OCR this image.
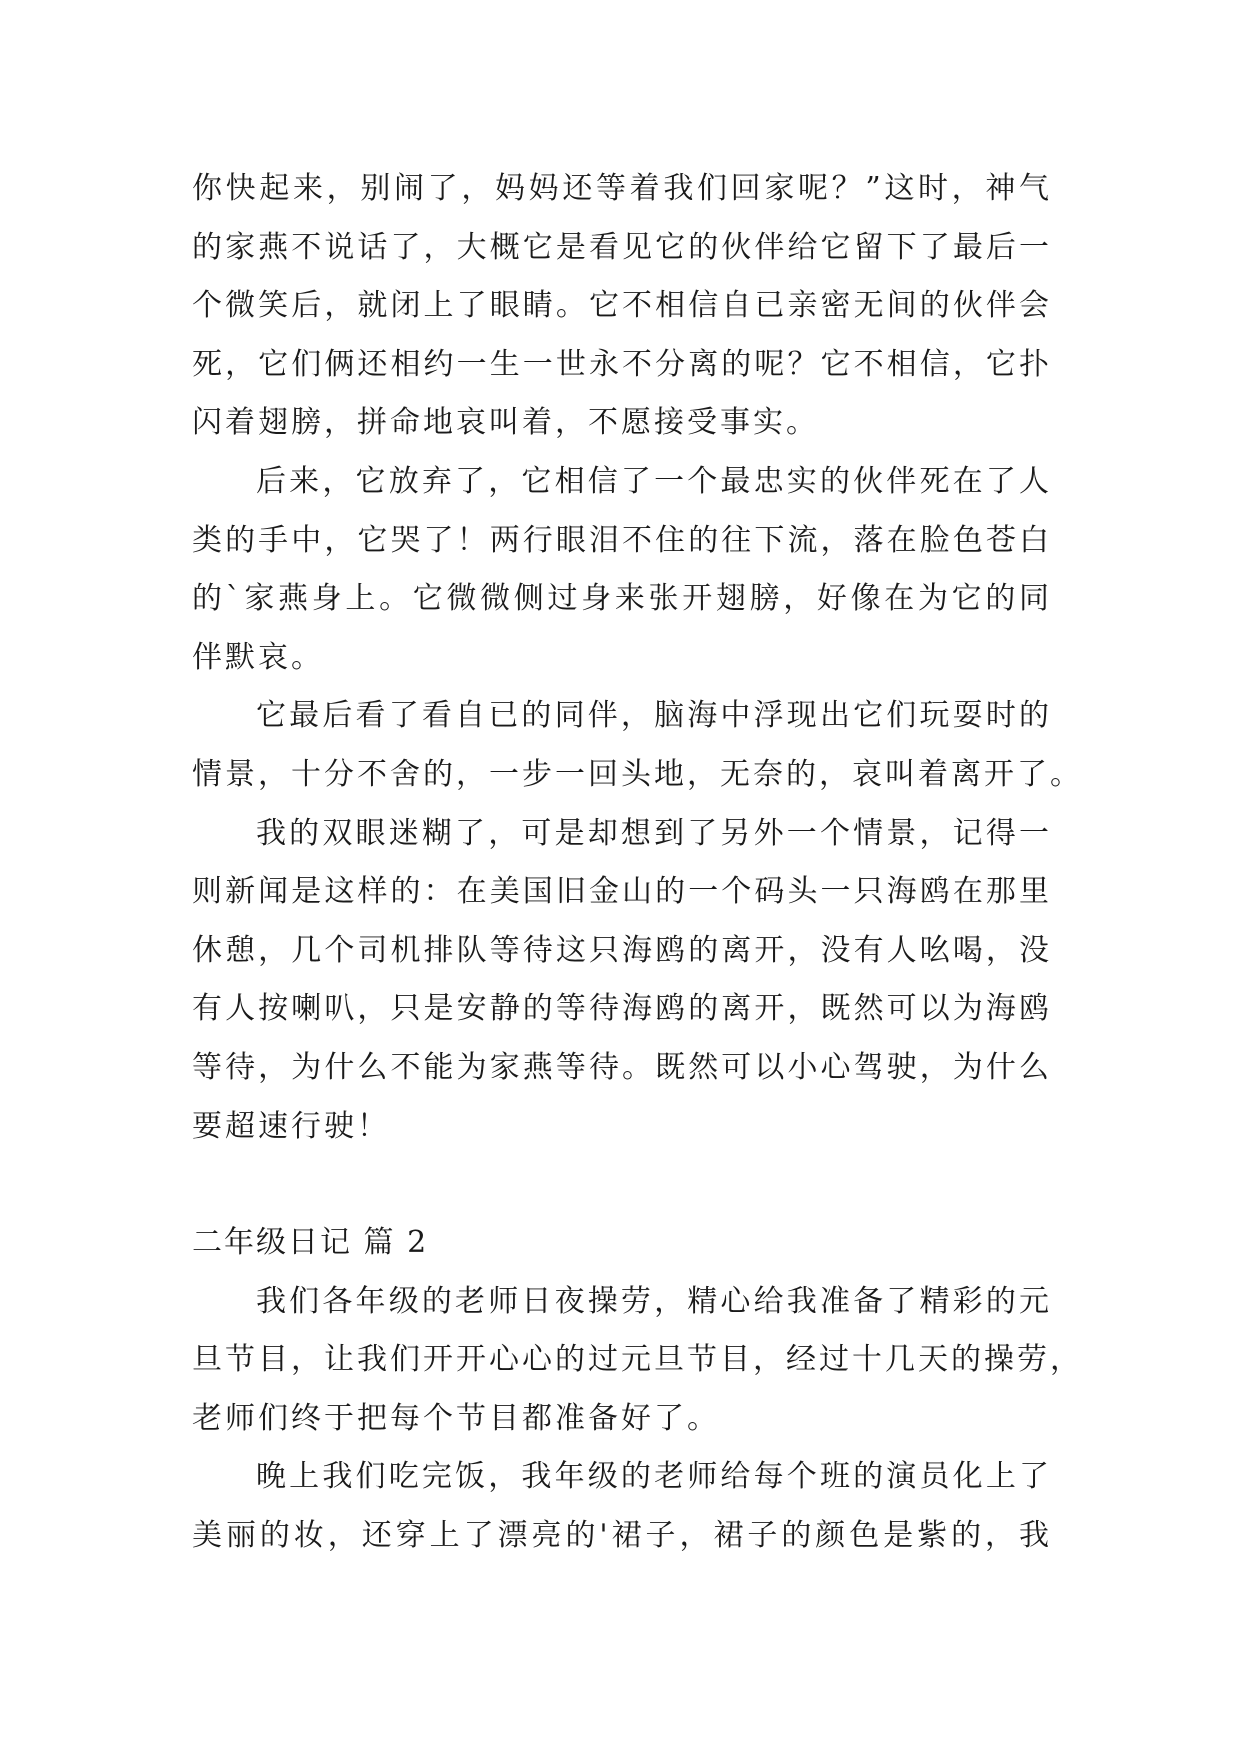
你快起来，别闹了，妈妈还等着我们回家呢？”这时，神气
的家燕不说话了，大概它是看见它的伙伴给它留下了最后一
个微笑后，就闭上了眼睛。它不相信自已亲密无间的伙伴会
死，它们俩还相约一生一世永不分离的呢？它不相信，它扑
闪着翅膀，拼命地哀叫着，不愿接受事实。
后来，它放弃了，它相信了一个最忠实的伙伴死在了人
类的手中，它哭了！两行眼泪不住的往下流，落在脸色苍白
的`家燕身上。它微微侧过身来张开翅膀，好像在为它的同
伴默哀。
它最后看了看自已的同伴，脑海中浮现出它们玩耍时的
情景，十分不舍的，一步一回头地，无奈的，哀叫着离开了。
我的双眼迷糊了，可是却想到了另外一个情景，记得一
则新闻是这样的：在美国旧金山的一个码头一只海鸥在那里
休憩，几个司机排队等待这只海鸥的离开，没有人吆喝，没
有人按喇叭，只是安静的等待海鸥的离开，既然可以为海鸥
等待，为什么不能为家燕等待。既然可以小心驾驶，为什么
要超速行驶！
二年级日记 篇 2
我们各年级的老师日夜操劳，精心给我准备了精彩的元
旦节目，让我们开开心心的过元旦节目，经过十几天的操劳，
老师们终于把每个节目都准备好了。
晚上我们吃完饭，我年级的老师给每个班的演员化上了
美丽的妆，还穿上了漂亮的'裙子，裙子的颜色是紫的，我
